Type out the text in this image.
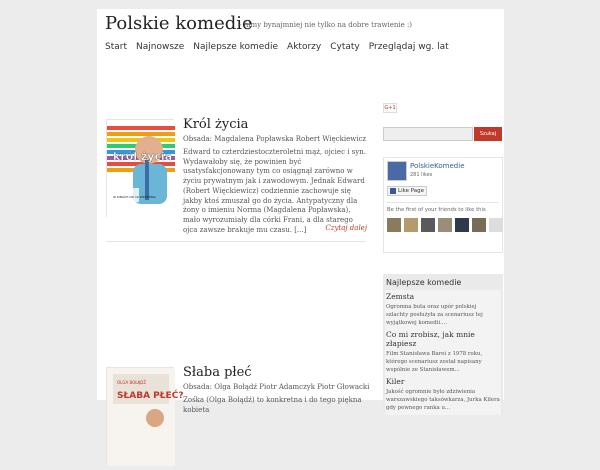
Polskie komedie
- filmy bynajmniej nie tylko na dobre trawienie :)
Start Najnowsze Najlepsze komedie Aktorzy Cytaty Przeglądaj wg. lat
król życia
W KINACH OD 10 WRZEŚNIA
Król życia
Obsada: Magdalena Popławska Robert Więckiewicz

Edward to czterdziestoczteroletni mąż, ojciec i syn. Wydawałoby się, że powinien być usatysfakcjonowany tym co osiągnął zarówno w życiu prywatnym jak i zawodowym. Jednak Edward (Robert Więckiewicz) codziennie zachowuje się jakby ktoś zmuszał go do życia. Antypatyczny dla żony o imieniu Norma (Magdalena Popławska), mało wyrozumiały dla córki Frani, a dla starego ojca zawsze brakuje mu czasu. [...]	Czytaj dalej
OLGA BOŁĄDŹ
SŁABA PŁEĆ?
Słaba płeć
Obsada: Olga Bołądź Piotr Adamczyk Piotr Głowacki

Zośka (Olga Bołądź) to konkretna i do tego piękna kobieta

G+1
Szukaj
PolskieKomedie
281 likes
Like Page
Be the first of your friends to like this
Najlepsze komedie
Zemsta
Ogromna buta oraz upór polskiej szlachty posłużyła za scenariusz tej wyjątkowej komedii....
Co mi zrobisz, jak mnie złapiesz
Film Stanisława Barei z 1978 roku, którego scenariusz został napisany wspólnie ze Stanisławem...
Kiler
Jakość ogromnie było zdziwienia warszawskiego taksówkarza, Jurka Kilera gdy pewnego ranka u...
